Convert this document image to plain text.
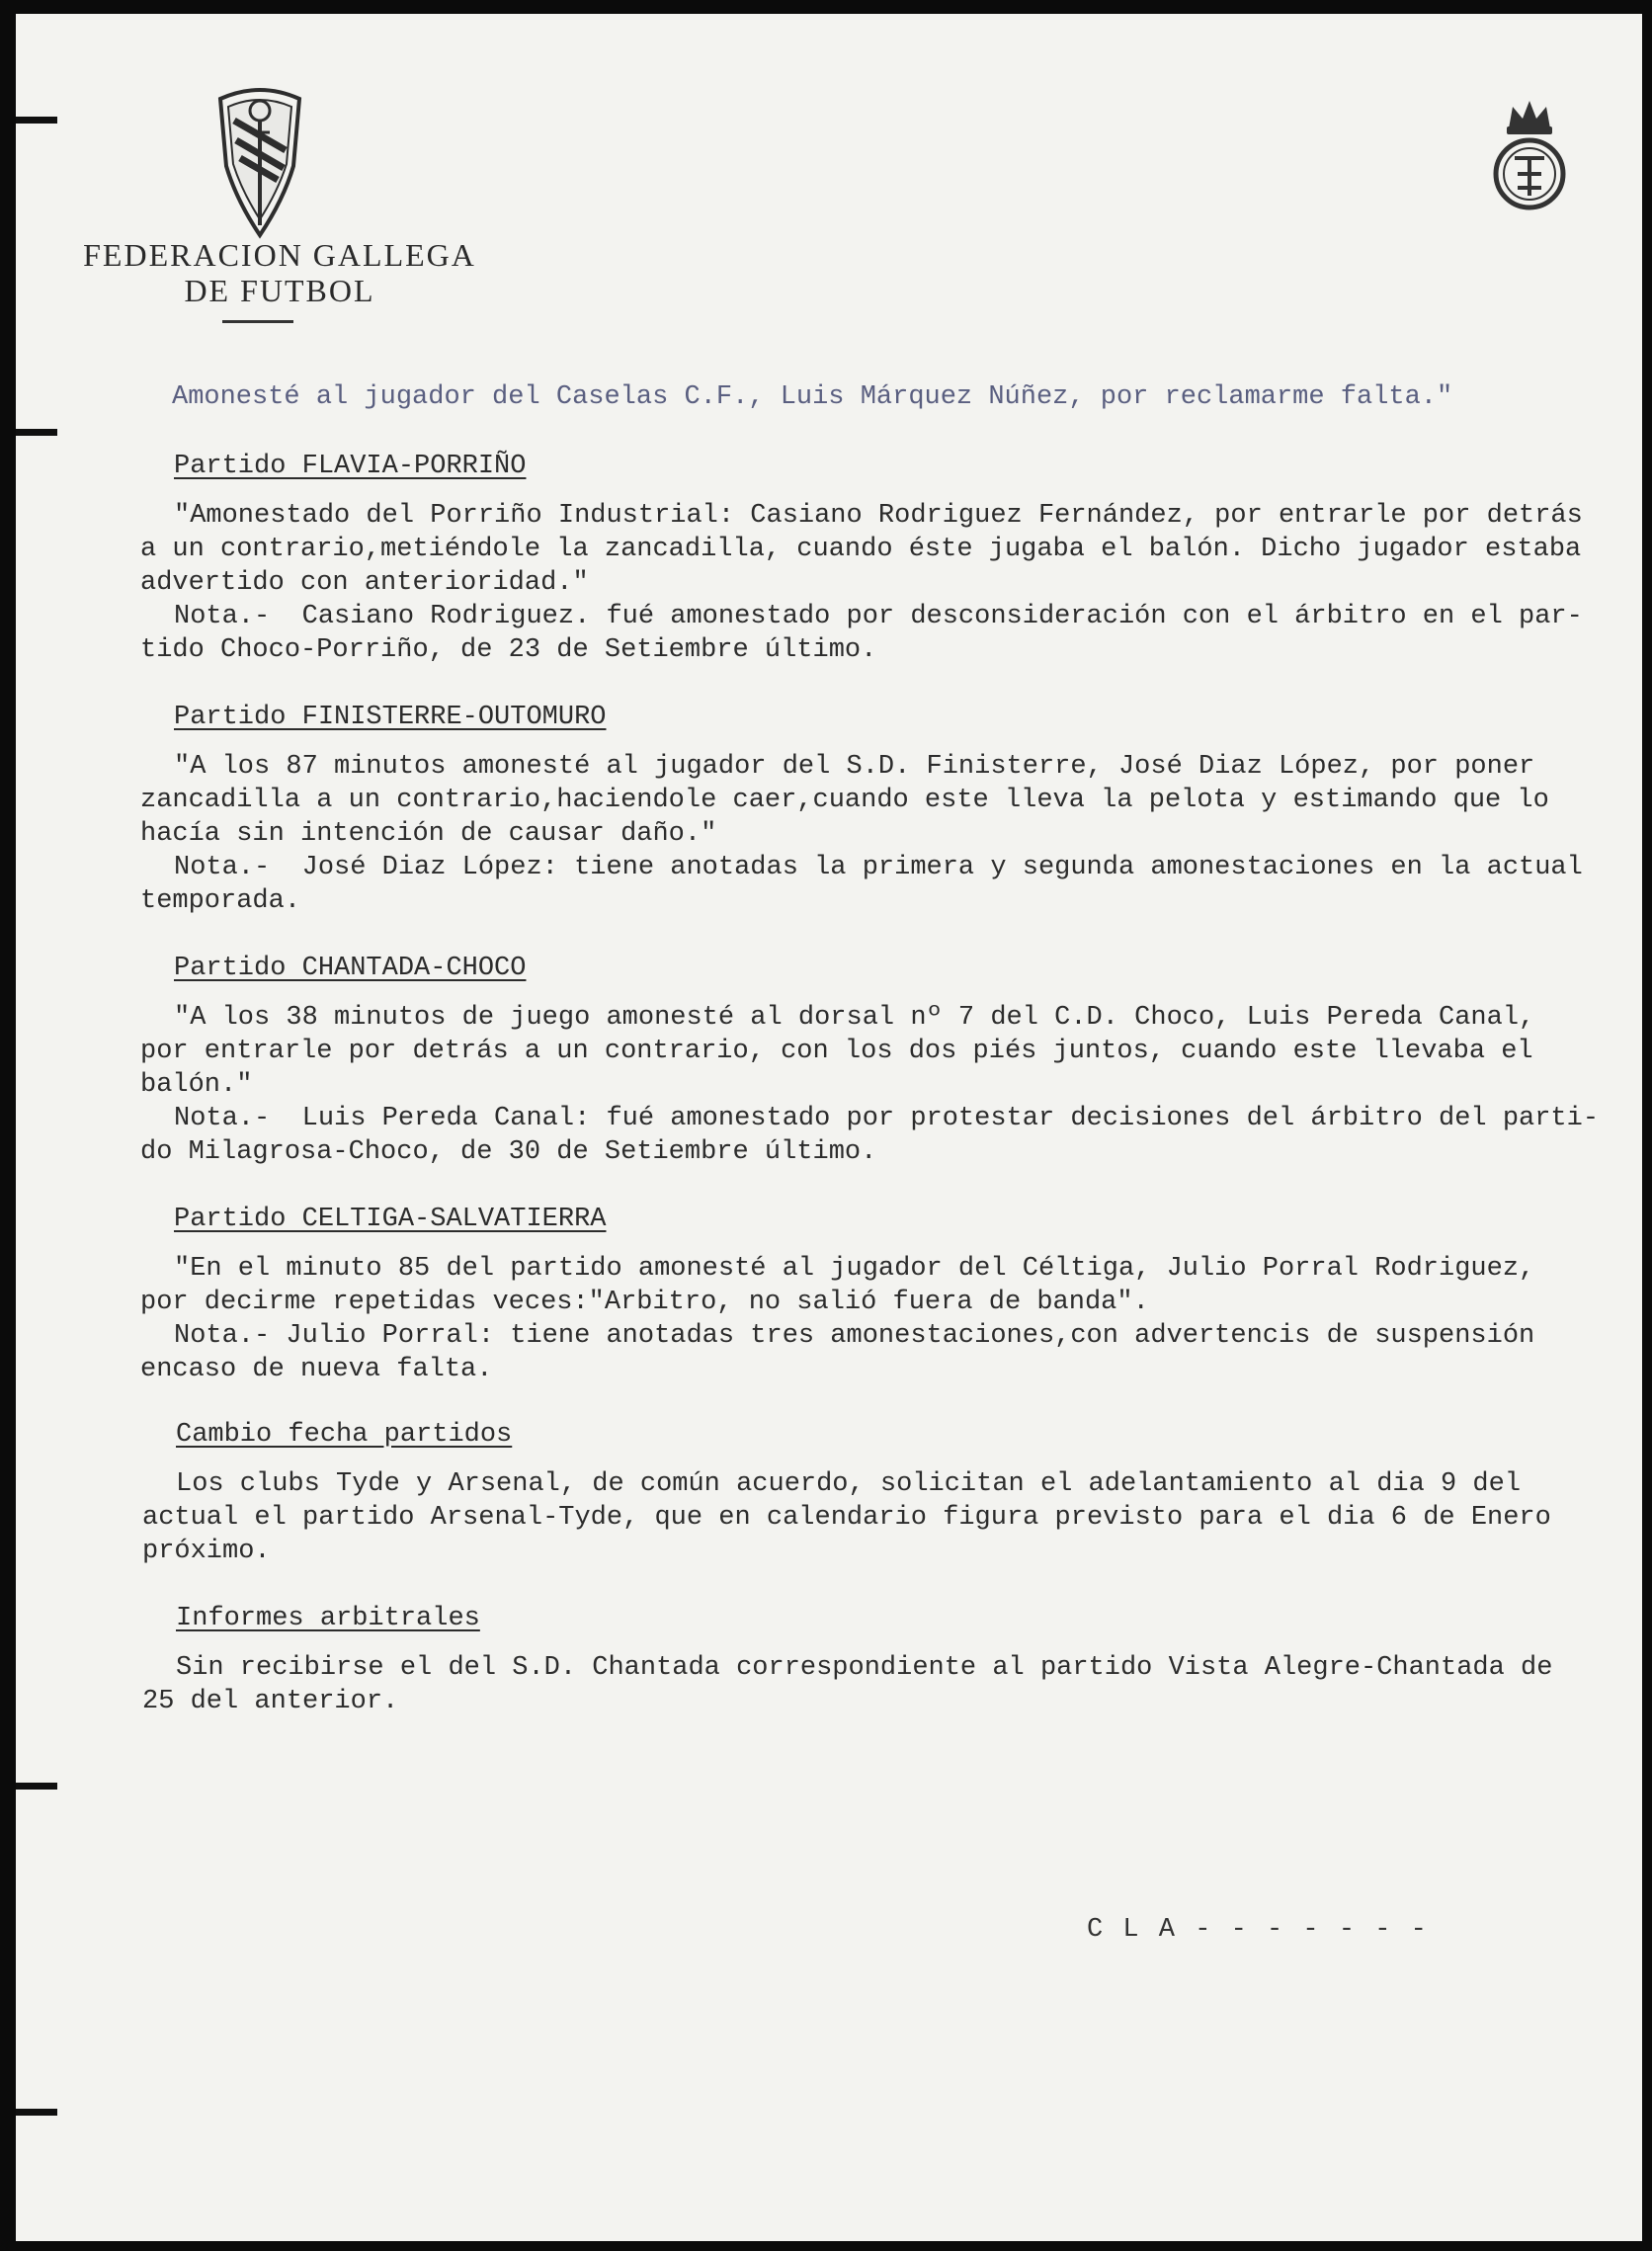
FEDERACION GALLEGA
DE FUTBOL
Amonesté al jugador del Caselas C.F., Luis Márquez Núñez, por reclamarme falta."
Partido FLAVIA-PORRIÑO
"Amonestado del Porriño Industrial: Casiano Rodriguez Fernández, por entrarle por detrás
a un contrario,metiéndole la zancadilla, cuando éste jugaba el balón. Dicho jugador estaba
advertido con anterioridad."
Nota.-  Casiano Rodriguez. fué amonestado por desconsideración con el árbitro en el par-
tido Choco-Porriño, de 23 de Setiembre último.
Partido FINISTERRE-OUTOMURO
"A los 87 minutos amonesté al jugador del S.D. Finisterre, José Diaz López, por poner
zancadilla a un contrario,haciendole caer,cuando este lleva la pelota y estimando que lo
hacía sin intención de causar daño."
Nota.-  José Diaz López: tiene anotadas la primera y segunda amonestaciones en la actual
temporada.
Partido CHANTADA-CHOCO
"A los 38 minutos de juego amonesté al dorsal nº 7 del C.D. Choco, Luis Pereda Canal,
por entrarle por detrás a un contrario, con los dos piés juntos, cuando este llevaba el
balón."
Nota.-  Luis Pereda Canal: fué amonestado por protestar decisiones del árbitro del parti-
do Milagrosa-Choco, de 30 de Setiembre último.
Partido CELTIGA-SALVATIERRA
"En el minuto 85 del partido amonesté al jugador del Céltiga, Julio Porral Rodriguez,
por decirme repetidas veces:"Arbitro, no salió fuera de banda".
Nota.- Julio Porral: tiene anotadas tres amonestaciones,con advertencis de suspensión
encaso de nueva falta.
Cambio fecha partidos
Los clubs Tyde y Arsenal, de común acuerdo, solicitan el adelantamiento al dia 9 del
actual el partido Arsenal-Tyde, que en calendario figura previsto para el dia 6 de Enero
próximo.
Informes arbitrales
Sin recibirse el del S.D. Chantada correspondiente al partido Vista Alegre-Chantada de
25 del anterior.
C L A - - - - - - -
